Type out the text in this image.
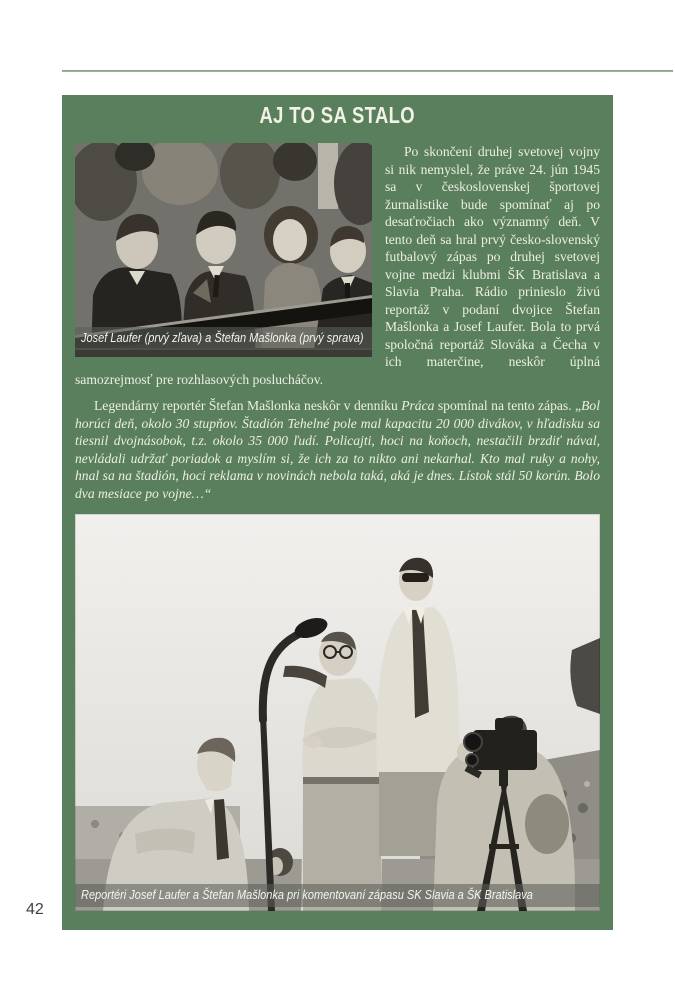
AJ TO SA STALO
Josef Laufer (prvý zľava) a Štefan Mašlonka (prvý sprava)

Po skončení druhej svetovej vojny si nik nemyslel, že práve 24. jún 1945 sa v československej športovej žurnalistike bude spomínať aj po desaťročiach ako významný deň. V tento deň sa hral prvý česko-slovenský futbalový zápas po druhej svetovej vojne medzi klubmi ŠK Bratislava a Slavia Praha. Rádio prinieslo živú reportáž v podaní dvojice Štefan Mašlonka a Josef Laufer. Bola to prvá spoločná reportáž Slováka a Čecha v ich materčine, neskôr úplná samozrejmosť pre rozhlasových poslucháčov.

Legendárny reportér Štefan Mašlonka neskôr v denníku Práca spomínal na tento zápas. „Bol horúci deň, okolo 30 stupňov. Štadión Tehelné pole mal kapacitu 20 000 divákov, v hľadisku sa tiesnil dvojnásobok, t.z. okolo 35 000 ľudí. Policajti, hoci na koňoch, nestačili brzdiť nával, nevládali udržať poriadok a myslím si, že ich za to nikto ani nekarhal. Kto mal ruky a nohy, hnal sa na štadión, hoci reklama v novinách nebola taká, aká je dnes. Lístok stál 50 korún. Bolo dva mesiace po vojne…“

Reportéri Josef Laufer a Štefan Mašlonka pri komentovaní zápasu SK Slavia a ŠK Bratislava
42
